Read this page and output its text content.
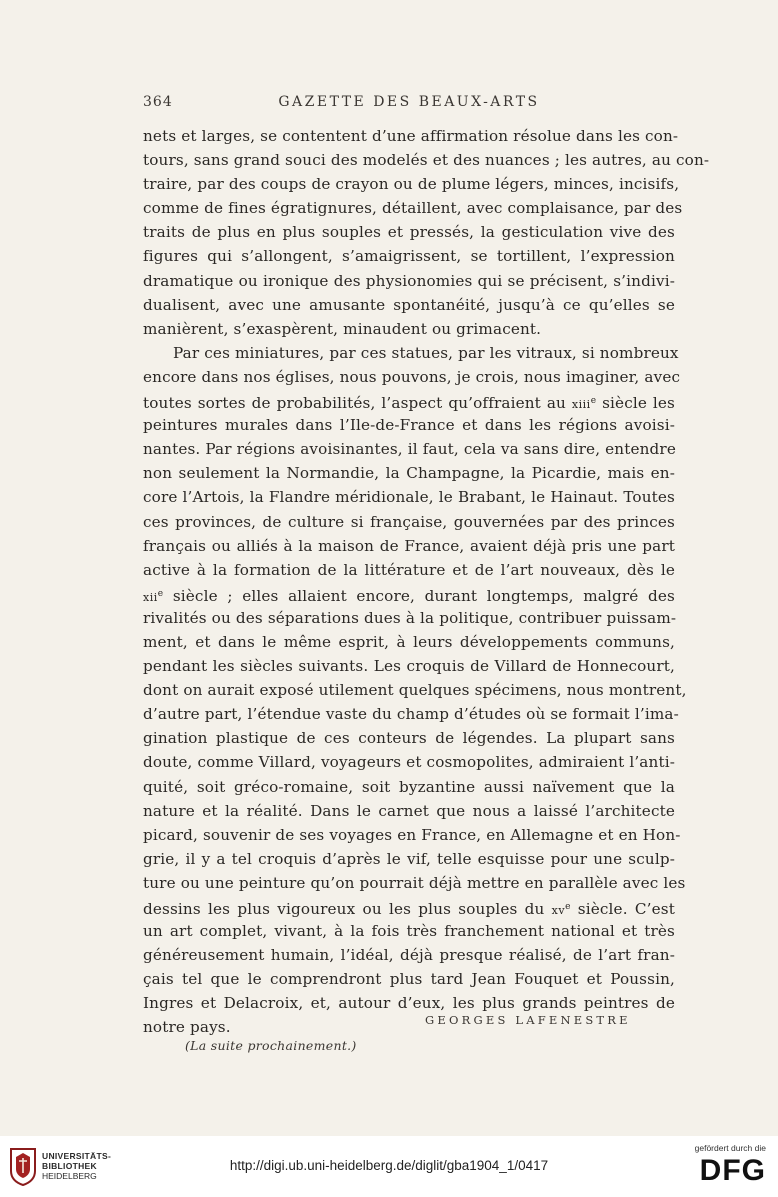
364	GAZETTE DES BEAUX-ARTS
nets et larges, se contentent d’une affirmation résolue dans les con-
tours, sans grand souci des modelés et des nuances ; les autres, au con-
traire, par des coups de crayon ou de plume légers, minces, incisifs,
comme de fines égratignures, détaillent, avec complaisance, par des
traits de plus en plus souples et pressés, la gesticulation vive des
figures qui s’allongent, s’amaigrissent, se tortillent, l’expression
dramatique ou ironique des physionomies qui se précisent, s’indivi-
dualisent, avec une amusante spontanéité, jusqu’à ce qu’elles se
manièrent, s’exaspèrent, minaudent ou grimacent.
Par ces miniatures, par ces statues, par les vitraux, si nombreux
encore dans nos églises, nous pouvons, je crois, nous imaginer, avec
toutes sortes de probabilités, l’aspect qu’offraient au xiii$^e$ siècle les
peintures murales dans l’Ile-de-France et dans les régions avoisi-
nantes. Par régions avoisinantes, il faut, cela va sans dire, entendre
non seulement la Normandie, la Champagne, la Picardie, mais en-
core l’Artois, la Flandre méridionale, le Brabant, le Hainaut. Toutes
ces provinces, de culture si française, gouvernées par des princes
français ou alliés à la maison de France, avaient déjà pris une part
active à la formation de la littérature et de l’art nouveaux, dès le
xii$^e$ siècle ; elles allaient encore, durant longtemps, malgré des
rivalités ou des séparations dues à la politique, contribuer puissam-
ment, et dans le même esprit, à leurs développements communs,
pendant les siècles suivants. Les croquis de Villard de Honnecourt,
dont on aurait exposé utilement quelques spécimens, nous montrent,
d’autre part, l’étendue vaste du champ d’études où se formait l’ima-
gination plastique de ces conteurs de légendes. La plupart sans
doute, comme Villard, voyageurs et cosmopolites, admiraient l’anti-
quité, soit gréco-romaine, soit byzantine aussi naïvement que la
nature et la réalité. Dans le carnet que nous a laissé l’architecte
picard, souvenir de ses voyages en France, en Allemagne et en Hon-
grie, il y a tel croquis d’après le vif, telle esquisse pour une sculp-
ture ou une peinture qu’on pourrait déjà mettre en parallèle avec les
dessins les plus vigoureux ou les plus souples du $xv^e$ siècle. C’est
un art complet, vivant, à la fois très franchement national et très
généreusement humain, l’idéal, déjà presque réalisé, de l’art fran-
çais tel que le comprendront plus tard Jean Fouquet et Poussin,
Ingres et Delacroix, et, autour d’eux, les plus grands peintres de
notre pays.	GEORGES LAFENESTRE
(La suite prochainement.)
UNIVERSITÄTS-
BIBLIOTHEK
HEIDELBERG
http://digi.ub.uni-heidelberg.de/diglit/gba1904_1/0417
gefördert durch die
DFG
